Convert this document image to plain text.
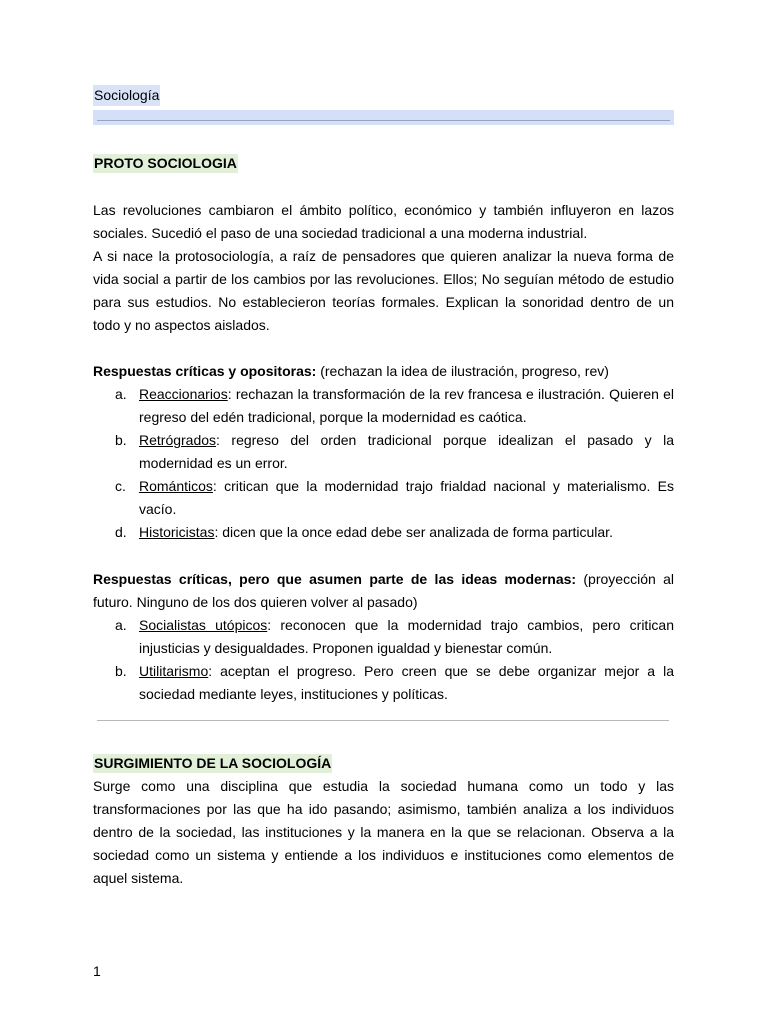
Sociología
PROTO SOCIOLOGIA

Las revoluciones cambiaron el ámbito político, económico y también influyeron en lazos sociales. Sucedió el paso de una sociedad tradicional a una moderna industrial.

A si nace la protosociología, a raíz de pensadores que quieren analizar la nueva forma de vida social a partir de los cambios por las revoluciones. Ellos; No seguían método de estudio para sus estudios. No establecieron teorías formales. Explican la sonoridad dentro de un todo y no aspectos aislados.

Respuestas críticas y opositoras: (rechazan la idea de ilustración, progreso, rev)

a. Reaccionarios: rechazan la transformación de la rev francesa e ilustración. Quieren el regreso del edén tradicional, porque la modernidad es caótica.
b. Retrógrados: regreso del orden tradicional porque idealizan el pasado y la modernidad es un error.
c. Románticos: critican que la modernidad trajo frialdad nacional y materialismo. Es vacío.
d. Historicistas: dicen que la once edad debe ser analizada de forma particular.

Respuestas críticas, pero que asumen parte de las ideas modernas: (proyección al futuro. Ninguno de los dos quieren volver al pasado)

a. Socialistas utópicos: reconocen que la modernidad trajo cambios, pero critican injusticias y desigualdades. Proponen igualdad y bienestar común.
b. Utilitarismo: aceptan el progreso. Pero creen que se debe organizar mejor a la sociedad mediante leyes, instituciones y políticas.
SURGIMIENTO DE LA SOCIOLOGÍA

Surge como una disciplina que estudia la sociedad humana como un todo y las transformaciones por las que ha ido pasando; asimismo, también analiza a los individuos dentro de la sociedad, las instituciones y la manera en la que se relacionan. Observa a la sociedad como un sistema y entiende a los individuos e instituciones como elementos de aquel sistema.

1
